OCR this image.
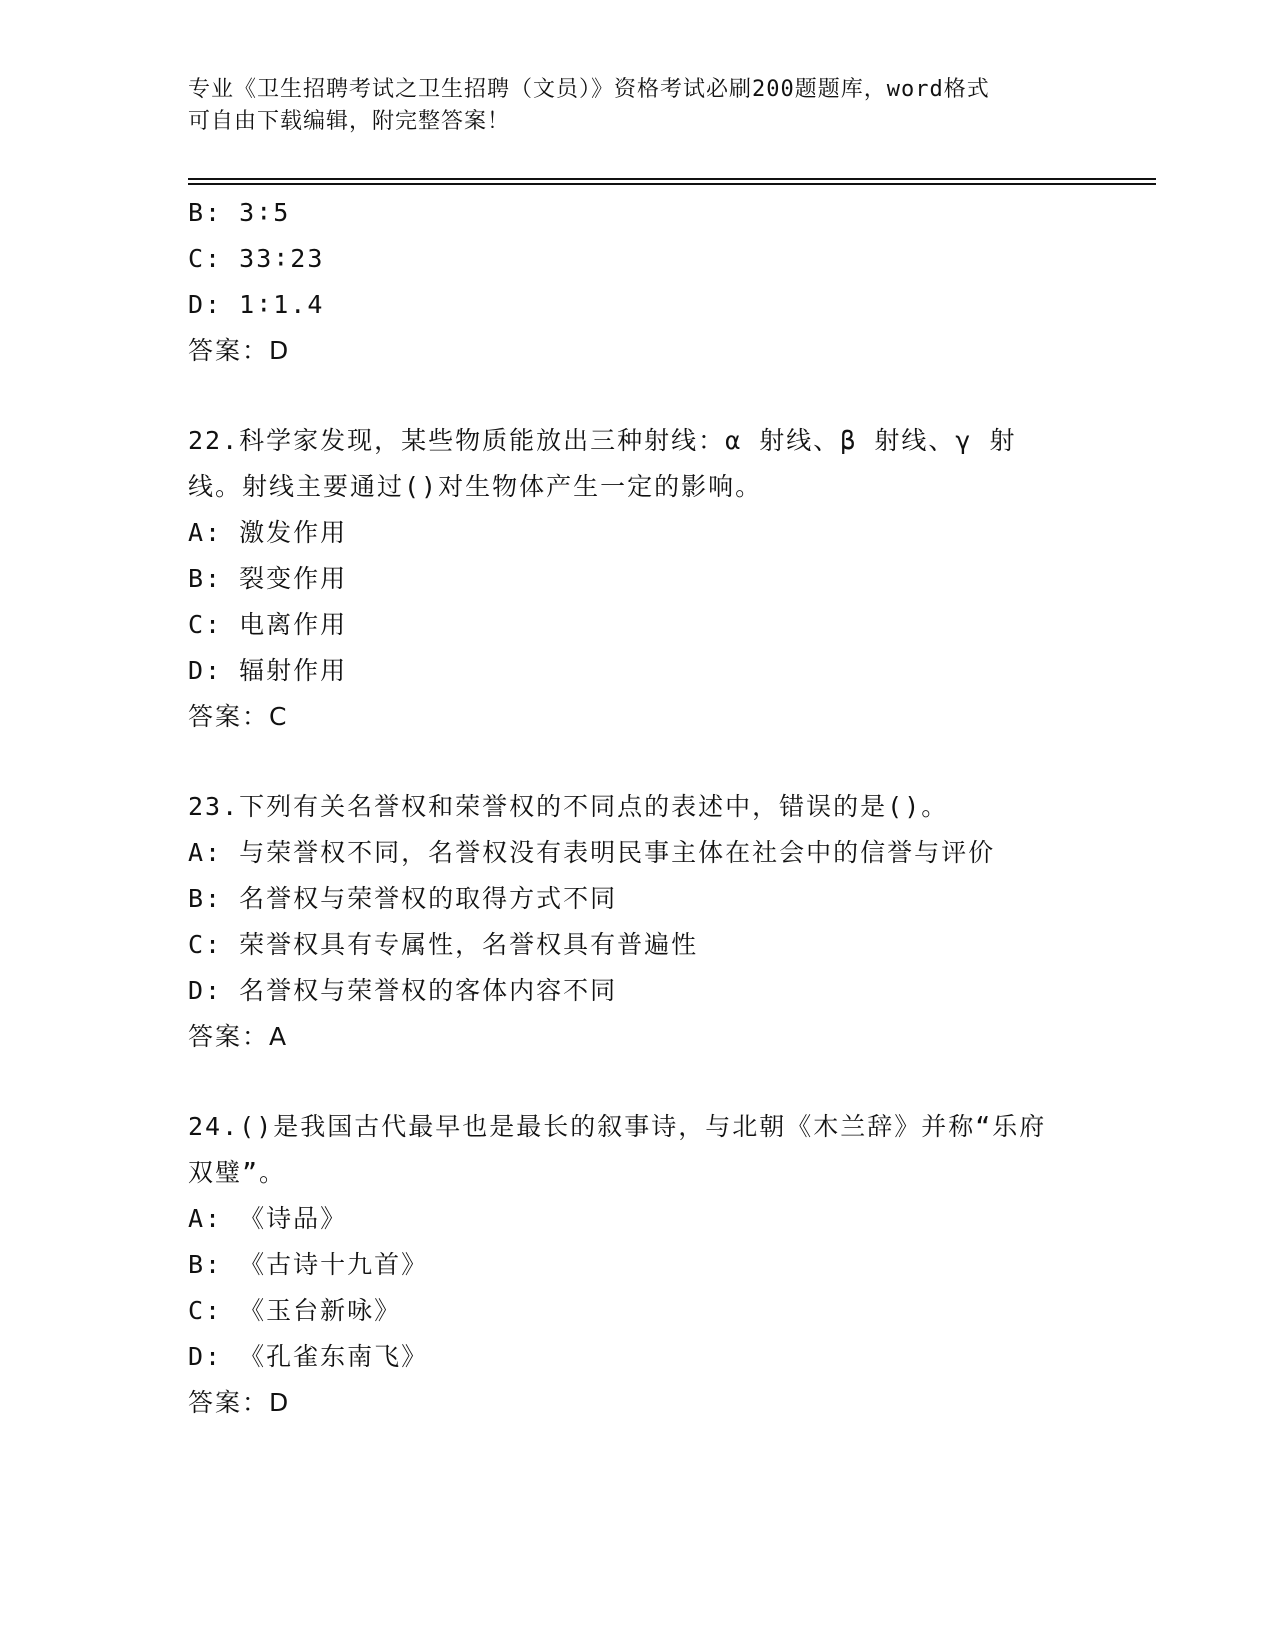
专业《卫生招聘考试之卫生招聘（文员）》资格考试必刷200题题库，word格式

可自由下载编辑，附完整答案！

B: 3∶5
C: 33∶23
D: 1∶1.4
答案：D
22.科学家发现，某些物质能放出三种射线：α 射线、β 射线、γ 射线。射线主要通过()对生物体产生一定的影响。
A: 激发作用
B: 裂变作用
C: 电离作用
D: 辐射作用
答案：C
23.下列有关名誉权和荣誉权的不同点的表述中，错误的是()。
A: 与荣誉权不同，名誉权没有表明民事主体在社会中的信誉与评价
B: 名誉权与荣誉权的取得方式不同
C: 荣誉权具有专属性，名誉权具有普遍性
D: 名誉权与荣誉权的客体内容不同
答案：A
24.()是我国古代最早也是最长的叙事诗，与北朝《木兰辞》并称“乐府双璧”。
A: 《诗品》
B: 《古诗十九首》
C: 《玉台新咏》
D: 《孔雀东南飞》
答案：D
